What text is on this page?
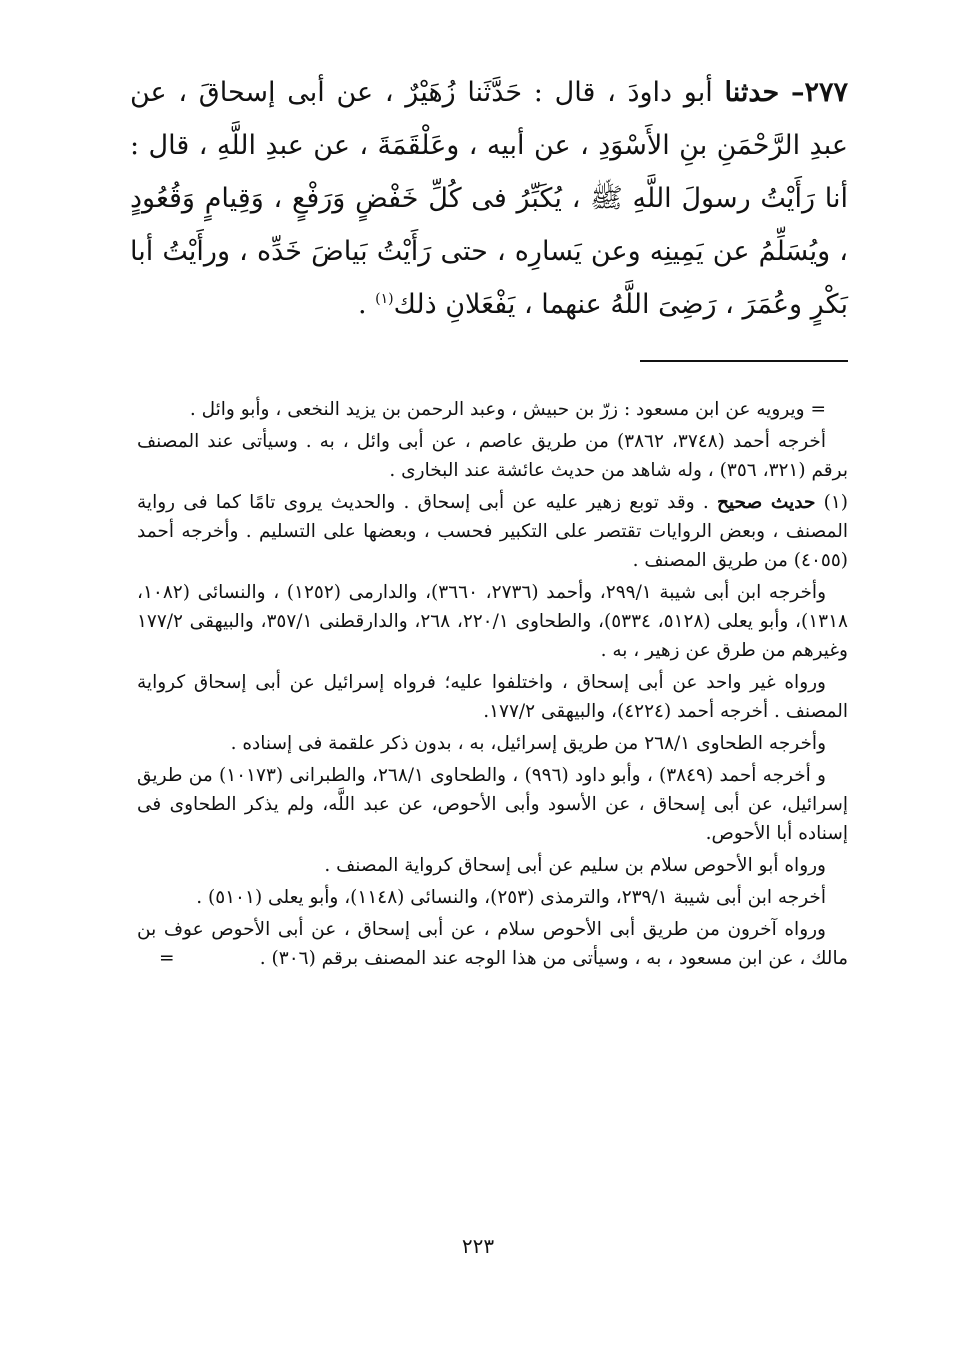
٢٧٧– حدثنا أبو داودَ ، قال : حَدَّثَنا زُهَيْرٌ ، عن أبى إسحاقَ ، عن عبدِ الرَّحْمَنِ بنِ الأَسْوَدِ ، عن أبيه ، وعَلْقَمَةَ ، عن عبدِ اللَّهِ ، قال : أنا رَأَيْتُ رسولَ اللَّهِ ﷺ ، يُكَبِّرُ فى كُلِّ خَفْضٍ وَرَفْعٍ ، وَقِيامٍ وَقُعُودٍ ، ويُسَلِّمُ عن يَمِينِه وعن يَسارِه ، حتى رَأَيْتُ بَياضَ خَدِّه ، ورأَيْتُ أبا بَكْرٍ وعُمَرَ ، رَضِىَ اللَّهُ عنهما ، يَفْعَلانِ ذلك$^{(١)}$ .

= ويرويه عن ابن مسعود : زرّ بن حبيش ، وعبد الرحمن بن يزيد النخعى ، وأبو وائل .

أخرجه أحمد (٣٧٤٨، ٣٨٦٢) من طريق عاصم ، عن أبى وائل ، به . وسيأتى عند المصنف برقم (٣٢١، ٣٥٦) ، وله شاهد من حديث عائشة عند البخارى .

(١) حديث صحيح . وقد توبع زهير عليه عن أبى إسحاق . والحديث يروى تامًا كما فى رواية المصنف ، وبعض الروايات تقتصر على التكبير فحسب ، وبعضها على التسليم . وأخرجه أحمد (٤٠٥٥) من طريق المصنف .

وأخرجه ابن أبى شيبة ٢٩٩/١، وأحمد (٢٧٣٦، ٣٦٦٠)، والدارمى (١٢٥٢) ، والنسائى (١٠٨٢، ١٣١٨)، وأبو يعلى (٥١٢٨، ٥٣٣٤)، والطحاوى ٢٢٠/١، ٢٦٨، والدارقطنى ٣٥٧/١، والبيهقى ١٧٧/٢ وغيرهم من طرق عن زهير ، به .

ورواه غير واحد عن أبى إسحاق ، واختلفوا عليه؛ فرواه إسرائيل عن أبى إسحاق كرواية المصنف . أخرجه أحمد (٤٢٢٤)، والبيهقى ١٧٧/٢.

وأخرجه الطحاوى ٢٦٨/١ من طريق إسرائيل، به ، بدون ذكر علقمة فى إسناده .

و أخرجه أحمد (٣٨٤٩) ، وأبو داود (٩٩٦) ، والطحاوى ٢٦٨/١، والطبرانى (١٠١٧٣) من طريق إسرائيل، عن أبى إسحاق ، عن الأسود وأبى الأحوص، عن عبد اللَّه، ولم يذكر الطحاوى فى إسناده أبا الأحوص.

ورواه أبو الأحوص سلام بن سليم عن أبى إسحاق كرواية المصنف .

أخرجه ابن أبى شيبة ٢٣٩/١، والترمذى (٢٥٣)، والنسائى (١١٤٨)، وأبو يعلى (٥١٠١) .

ورواه آخرون من طريق أبى الأحوص سلام ، عن أبى إسحاق ، عن أبى الأحوص عوف بن مالك ، عن ابن مسعود ، به ، وسيأتى من هذا الوجه عند المصنف برقم (٣٠٦) .
=

٢٢٣
